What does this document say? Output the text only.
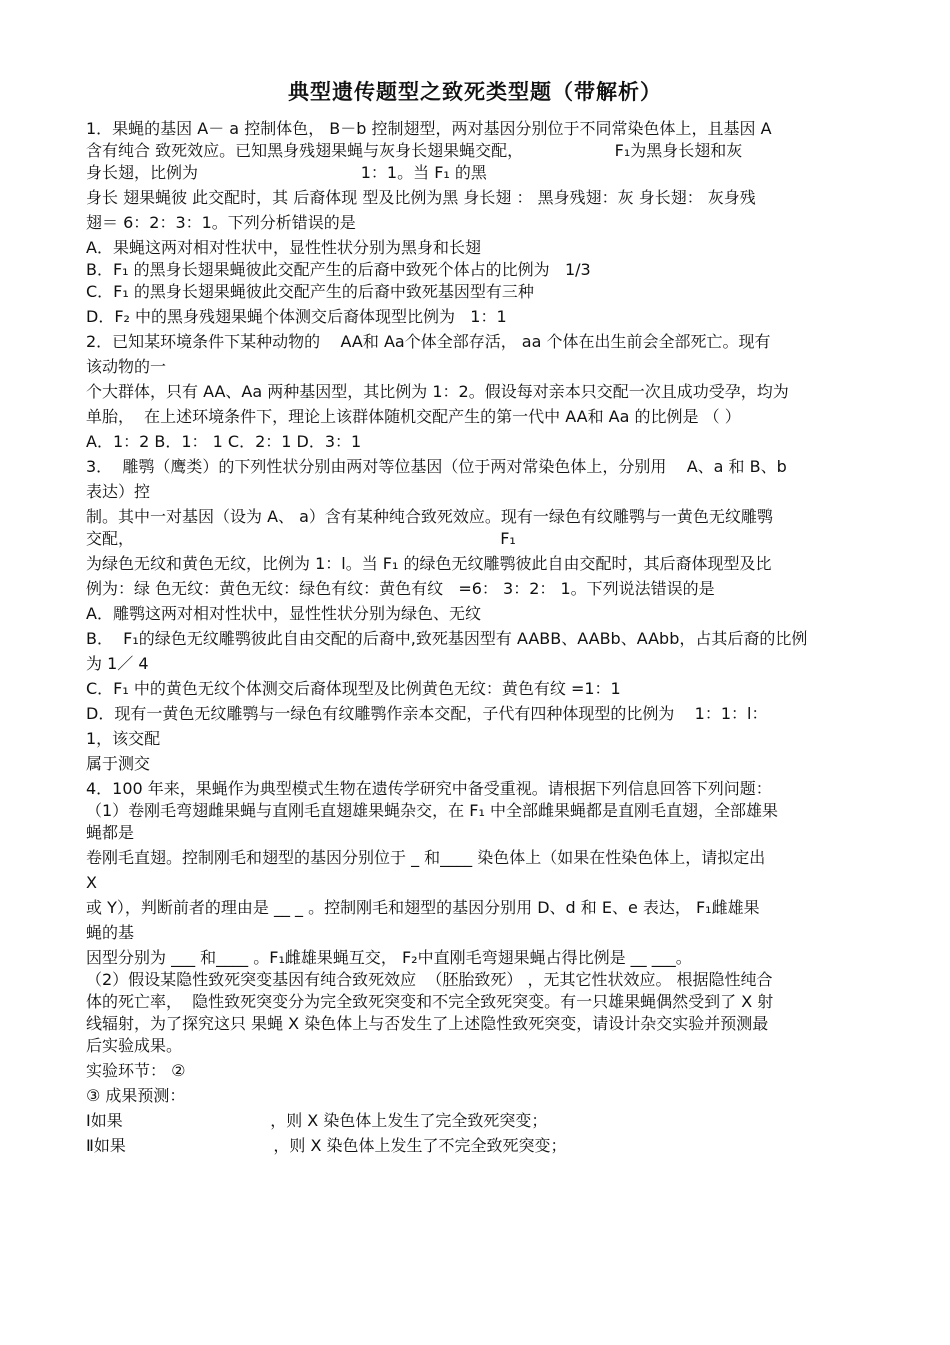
典型遗传题型之致死类型题（带解析）

1．果蝇的基因 A－ a 控制体色， B－b 控制翅型，两对基因分别位于不同常染色体上，且基因 A

含有纯合 致死效应。已知黑身残翅果蝇与灰身长翅果蝇交配，                  F₁为黑身长翅和灰

身长翅，比例为                                1：1。当 F₁ 的黑

身长 翅果蝇彼 此交配时，其 后裔体现 型及比例为黑 身长翅 ： 黑身残翅：灰 身长翅： 灰身残

翅＝ 6：2：3：1。下列分析错误的是

A．果蝇这两对相对性状中，显性性状分别为黑身和长翅

B．F₁ 的黑身长翅果蝇彼此交配产生的后裔中致死个体占的比例为   1/3

C．F₁ 的黑身长翅果蝇彼此交配产生的后裔中致死基因型有三种

D．F₂ 中的黑身残翅果蝇个体测交后裔体现型比例为   1：1

2．已知某环境条件下某种动物的    AA和 Aa个体全部存活， aa 个体在出生前会全部死亡。现有

该动物的一

个大群体，只有 AA、Aa 两种基因型，其比例为 1：2。假设每对亲本只交配一次且成功受孕，均为

单胎，  在上述环境条件下，理论上该群体随机交配产生的第一代中 AA和 Aa 的比例是 （ ）

A．1：2 B．1： 1 C．2：1 D．3：1

3．  雕鹗（鹰类）的下列性状分别由两对等位基因（位于两对常染色体上，分别用    A、a 和 B、b

表达）控

制。其中一对基因（设为 A、 a）含有某种纯合致死效应。现有一绿色有纹雕鹗与一黄色无纹雕鹗

交配，                                                                        F₁

为绿色无纹和黄色无纹，比例为 1：l。当 F₁ 的绿色无纹雕鹗彼此自由交配时，其后裔体现型及比

例为：绿 色无纹：黄色无纹：绿色有纹：黄色有纹   =6： 3：2： 1。下列说法错误的是

A．雕鹗这两对相对性状中，显性性状分别为绿色、无纹

B．  F₁的绿色无纹雕鹗彼此自由交配的后裔中,致死基因型有 AABB、AABb、AAbb，占其后裔的比例

为 1／ 4

C．F₁ 中的黄色无纹个体测交后裔体现型及比例黄色无纹：黄色有纹 =1：1

D．现有一黄色无纹雕鹗与一绿色有纹雕鹗作亲本交配，子代有四种体现型的比例为    1：1：l：

1，该交配

属于测交

4．100 年来，果蝇作为典型模式生物在遗传学研究中备受重视。请根据下列信息回答下列问题：

（1）卷刚毛弯翅雌果蝇与直刚毛直翅雄果蝇杂交，在 F₁ 中全部雌果蝇都是直刚毛直翅，全部雄果

蝇都是

卷刚毛直翅。控制刚毛和翅型的基因分别位于 _ 和____ 染色体上（如果在性染色体上，请拟定出

X

或 Y），判断前者的理由是 __ _ 。控制刚毛和翅型的基因分别用 D、d 和 E、e 表达， F₁雌雄果

蝇的基

因型分别为 ___ 和____ 。F₁雌雄果蝇互交， F₂中直刚毛弯翅果蝇占得比例是 __ ___。

（2）假设某隐性致死突变基因有纯合致死效应  （胚胎致死） ，无其它性状效应。 根据隐性纯合

体的死亡率，  隐性致死突变分为完全致死突变和不完全致死突变。有一只雄果蝇偶然受到了 X 射

线辐射，为了探究这只 果蝇 X 染色体上与否发生了上述隐性致死突变，请设计杂交实验并预测最

后实验成果。

实验环节： ②

③ 成果预测：

Ⅰ如果                             ，则 X 染色体上发生了完全致死突变；

Ⅱ如果                             ，则 X 染色体上发生了不完全致死突变；
